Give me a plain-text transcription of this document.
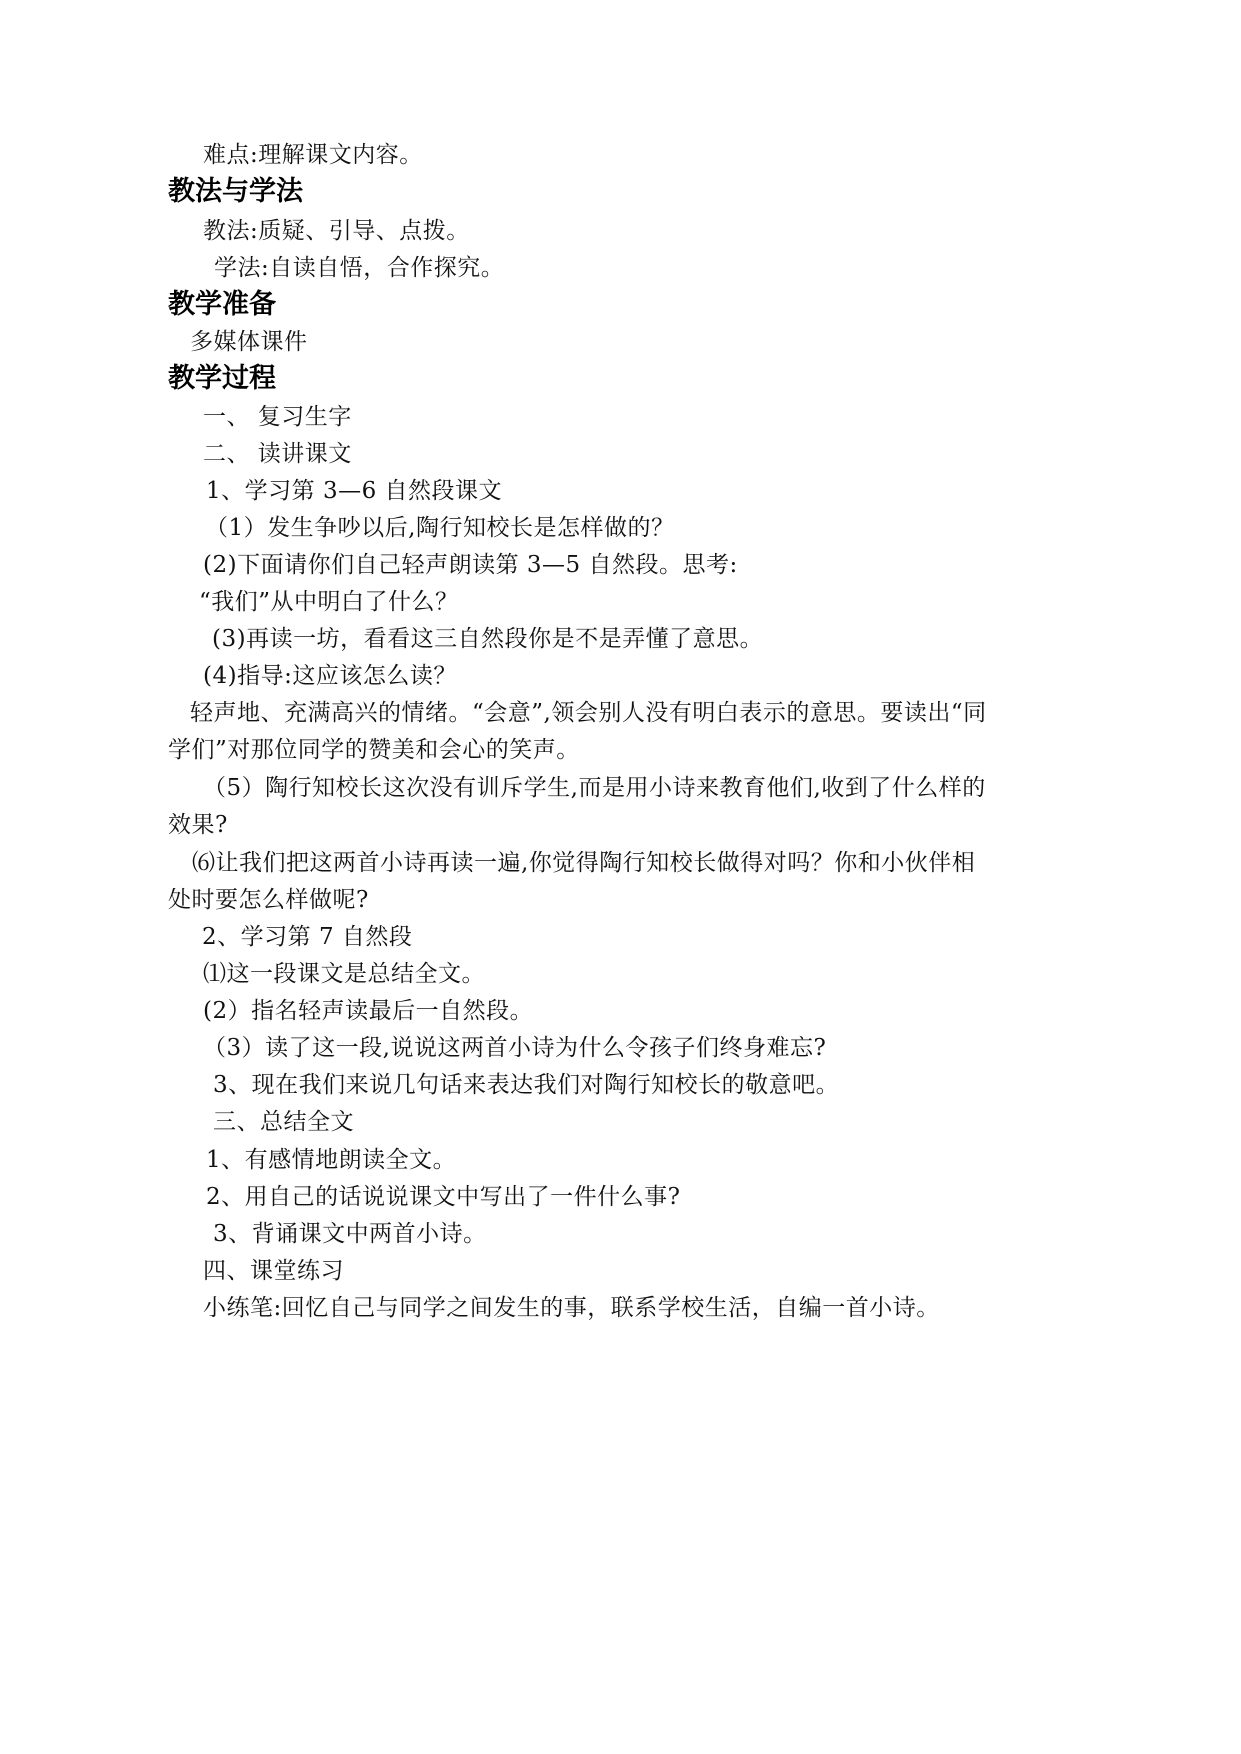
难点:理解课文内容。
教法与学法
教法:质疑、引导、点拨。
学法:自读自悟，合作探究。
教学准备
多媒体课件
教学过程
一、 复习生字
二、 读讲课文
1、学习第 3—6 自然段课文
（1）发生争吵以后,陶行知校长是怎样做的？
(2)下面请你们自己轻声朗读第 3—5 自然段。思考:
“我们”从中明白了什么？
(3)再读一坊，看看这三自然段你是不是弄懂了意思。
(4)指导:这应该怎么读？
轻声地、充满高兴的情绪。“会意”,领会别人没有明白表示的意思。要读出“同
学们”对那位同学的赞美和会心的笑声。
（5）陶行知校长这次没有训斥学生,而是用小诗来教育他们,收到了什么样的
效果?
⑹让我们把这两首小诗再读一遍,你觉得陶行知校长做得对吗？你和小伙伴相
处时要怎么样做呢?
2、学习第 7 自然段
⑴这一段课文是总结全文。
(2）指名轻声读最后一自然段。
（3）读了这一段,说说这两首小诗为什么令孩子们终身难忘?
3、现在我们来说几句话来表达我们对陶行知校长的敬意吧。
三、总结全文
1、有感情地朗读全文。
2、用自己的话说说课文中写出了一件什么事?
3、背诵课文中两首小诗。
四、课堂练习
小练笔:回忆自己与同学之间发生的事，联系学校生活，自编一首小诗。
